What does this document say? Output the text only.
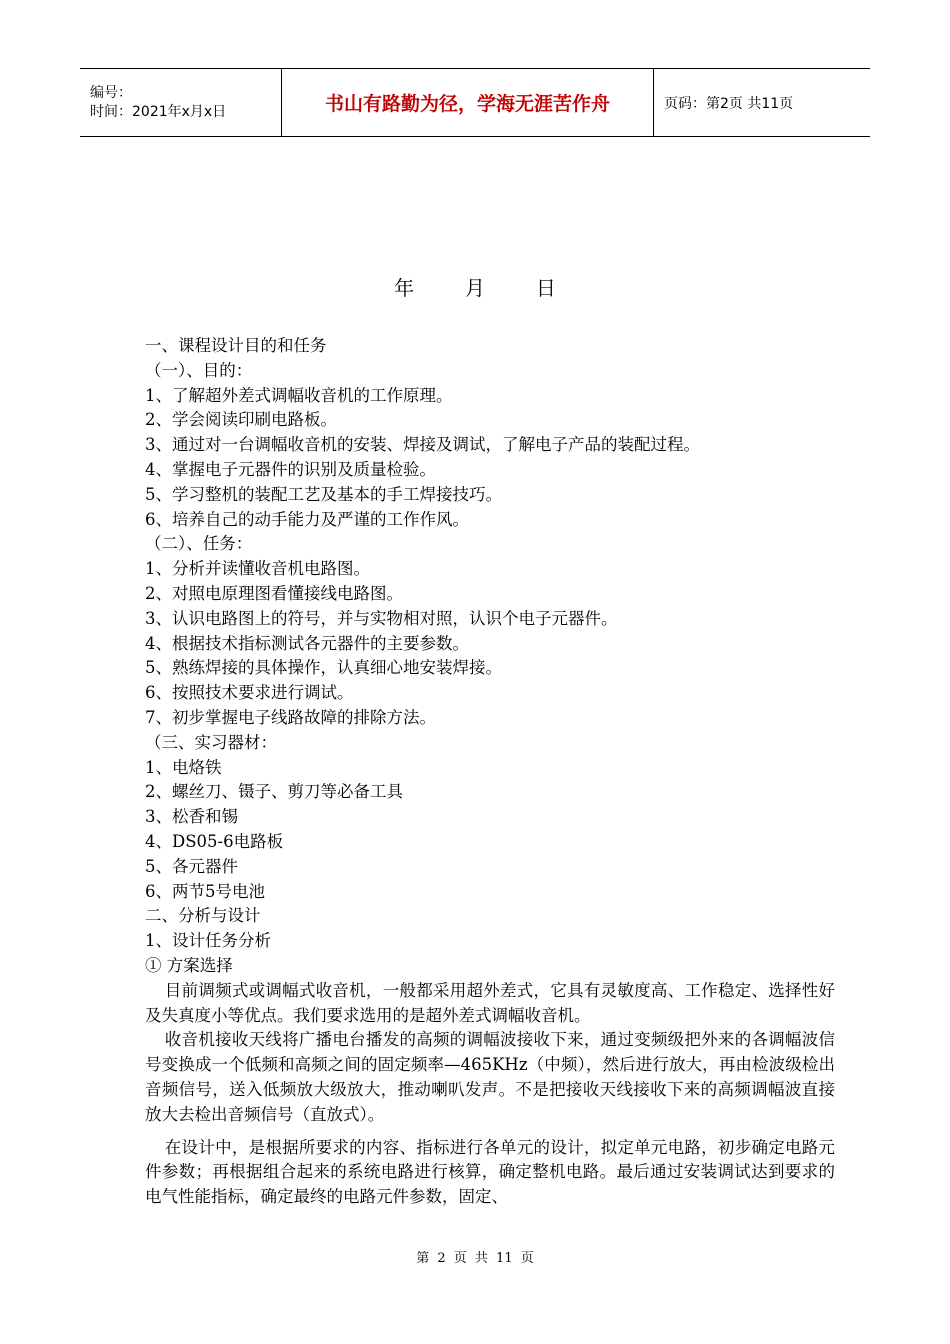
编号：
时间：2021年x月x日	书山有路勤为径，学海无涯苦作舟	页码：第2页 共11页
年        月        日
一、课程设计目的和任务
（一）、目的：
1、了解超外差式调幅收音机的工作原理。
2、学会阅读印刷电路板。
3、通过对一台调幅收音机的安装、焊接及调试，了解电子产品的装配过程。
4、掌握电子元器件的识别及质量检验。
5、学习整机的装配工艺及基本的手工焊接技巧。
6、培养自己的动手能力及严谨的工作作风。
（二）、任务：
1、分析并读懂收音机电路图。
2、对照电原理图看懂接线电路图。
3、认识电路图上的符号，并与实物相对照，认识个电子元器件。
4、根据技术指标测试各元器件的主要参数。
5、熟练焊接的具体操作，认真细心地安装焊接。
6、按照技术要求进行调试。
7、初步掌握电子线路故障的排除方法。
（三、实习器材：
1、电烙铁
2、螺丝刀、镊子、剪刀等必备工具
3、松香和锡
4、DS05-6电路板
5、各元器件
6、两节5号电池
二、分析与设计
1、设计任务分析
① 方案选择
目前调频式或调幅式收音机，一般都采用超外差式，它具有灵敏度高、工作稳定、选择性好及失真度小等优点。我们要求选用的是超外差式调幅收音机。
收音机接收天线将广播电台播发的高频的调幅波接收下来，通过变频级把外来的各调幅波信号变换成一个低频和高频之间的固定频率—465KHz（中频），然后进行放大，再由检波级检出音频信号，送入低频放大级放大，推动喇叭发声。不是把接收天线接收下来的高频调幅波直接放大去检出音频信号（直放式）。
在设计中，是根据所要求的内容、指标进行各单元的设计，拟定单元电路，初步确定电路元件参数；再根据组合起来的系统电路进行核算，确定整机电路。最后通过安装调试达到要求的电气性能指标，确定最终的电路元件参数，固定、
第 2 页 共 11 页
